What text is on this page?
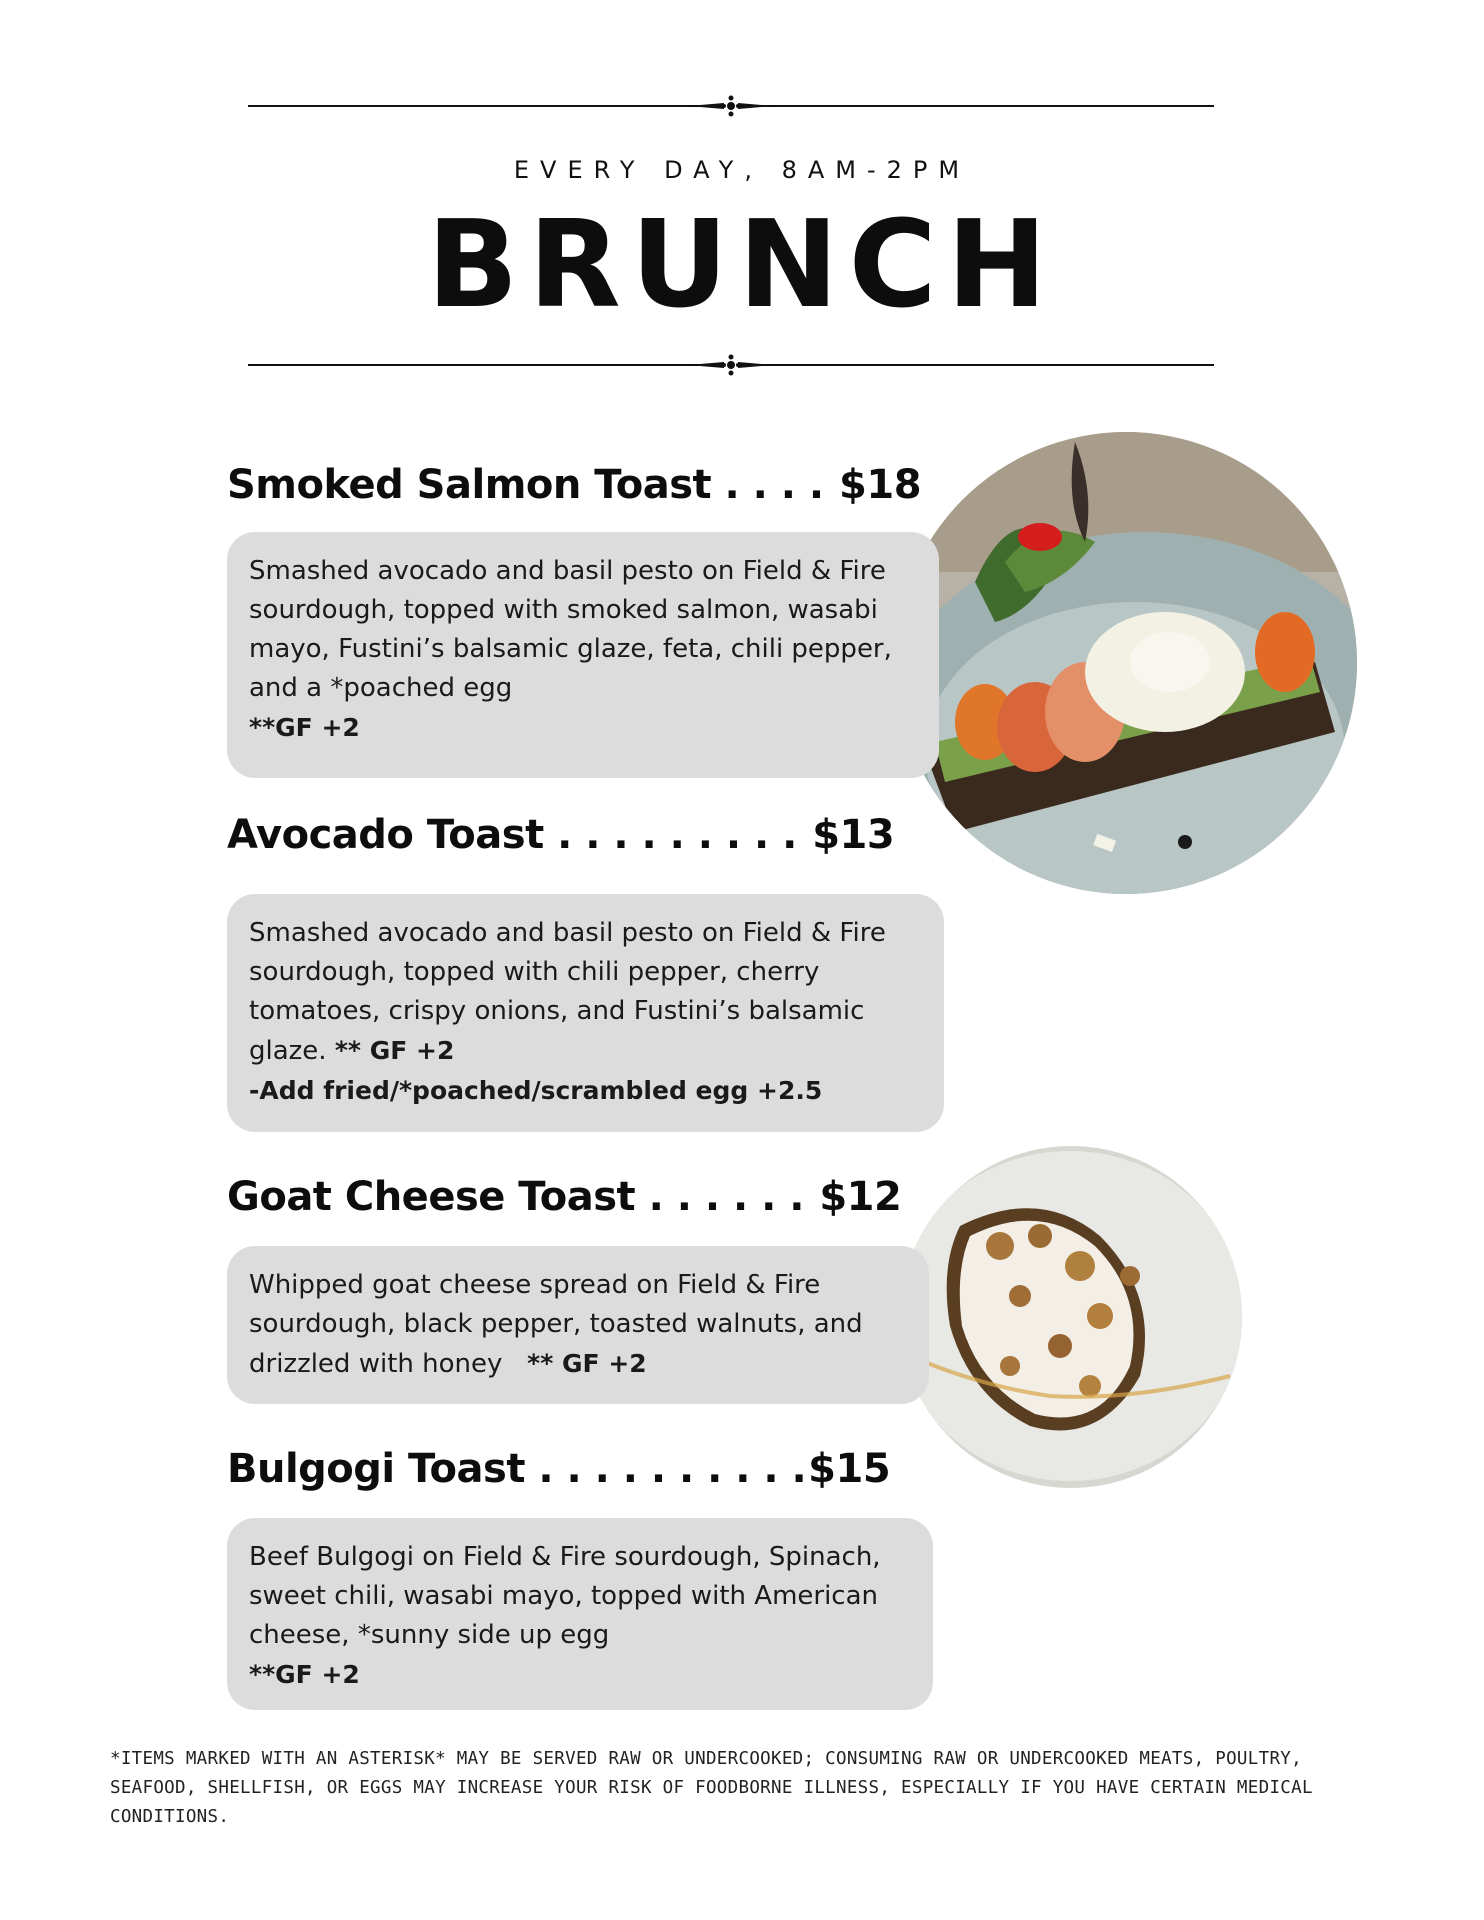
EVERY DAY, 8AM-2PM
BRUNCH
Smoked Salmon Toast . . . . $18
Smashed avocado and basil pesto on Field & Fire sourdough, topped with smoked salmon, wasabi mayo, Fustini’s balsamic glaze, feta, chili pepper, and a *poached egg
**GF +2
Avocado Toast . . . . . . . . . $13
Smashed avocado and basil pesto on Field & Fire sourdough, topped with chili pepper, cherry tomatoes, crispy onions, and Fustini’s balsamic glaze. ** GF +2
-Add fried/*poached/scrambled egg +2.5
Goat Cheese Toast . . . . . . $12
Whipped goat cheese spread on Field & Fire sourdough, black pepper, toasted walnuts, and drizzled with honey ** GF +2
Bulgogi Toast . . . . . . . . . .$15
Beef Bulgogi on Field & Fire sourdough, Spinach, sweet chili, wasabi mayo, topped with American cheese, *sunny side up egg
**GF +2
*ITEMS MARKED WITH AN ASTERISK* MAY BE SERVED RAW OR UNDERCOOKED; CONSUMING RAW OR UNDERCOOKED MEATS, POULTRY, SEAFOOD, SHELLFISH, OR EGGS MAY INCREASE YOUR RISK OF FOODBORNE ILLNESS, ESPECIALLY IF YOU HAVE CERTAIN MEDICAL CONDITIONS.
